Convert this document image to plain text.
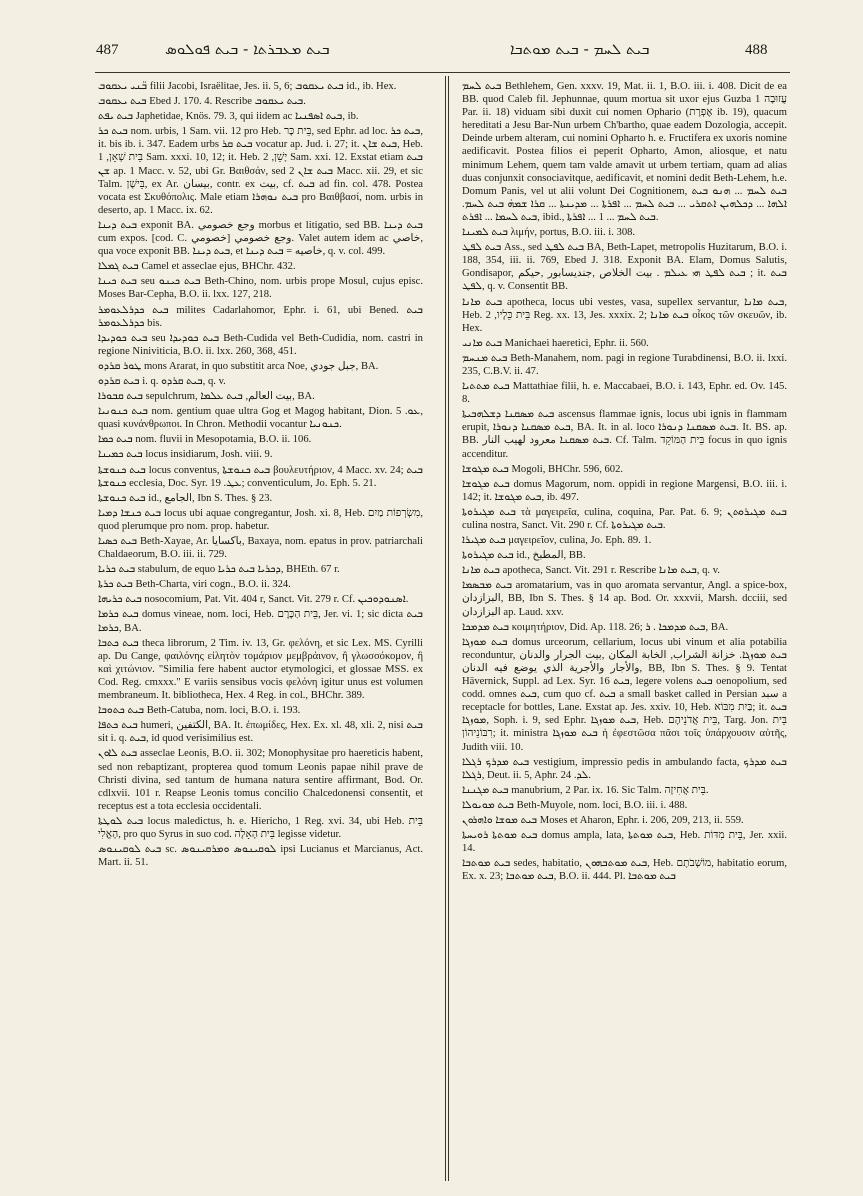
487	ܒܝܬ ܡܥܒܪܬܐ - ܒܝܬ ܦܘܠܘܣ	ܒܝܬ ܠܚܡ - ܒܝܬ ܡܘܬܒܐ	488

ܒ̈ܢܝ ܝܥܩܘܒ filii Jacobi, Israëlitae, Jes. ii. 5, 6; ܒܝܬ ܝܥܩܘܒ id., ib. Hex.

ܒܝܬ ܝܥܩܘܒ Ebed J. 170. 4. Rescribe ܒܝܬ ܝܥܩܘܒ.

ܒܝܬ ܝܦܬ Japhetidae, Knös. 79. 3, qui iidem ac ܒܝܬ ܐܣܦܢܝܐ, ib.

ܒܝܬ ܟܪ nom. urbis, 1 Sam. vii. 12 pro Heb. בֵּית כָּר, sed Ephr. ad loc. ܒܝܬ ܟܪ, it. bis ib. i. 347. Eadem urbs ܒܝܬ ܩܪ vocatur ap. Jud. i. 27; it. ܒܝܬ ܫܐܢ, Heb. בֵּית שְׁאָן, 1 Sam. xxxi. 10, 12; it. Heb. יָשֵׁן, 2 Sam. xxi. 12. Exstat etiam ܒܝܬ ܫܢ ap. 1 Macc. v. 52, ubi Gr. Βαιθσάν, sed ܒܝܬ ܫܐܢ 2 Macc. xii. 29, et sic Talm. בֵּישָׁן, ex Ar. بيسان, contr. ex بيت, cf. ܒܝܬ ad fin. col. 478. Postea vocata est Σκυθόπολις. Male etiam ܒܝܬ ܢܘܗܪܐ pro Βαιθβασί, nom. urbis in deserto, ap. 1 Macc. ix. 62.

ܒܝܬ ܕܝܢܐ exponit BA. وجع خصومي morbus et litigatio, sed BB. ܒܝܬ ܕܝܢܐ cum expos. [cod. C. خصومي] وجع خصومي. Valet autem idem ac خاصي, qua voce exponit BB. ܒܝܬ ܕܝܢܐ, et خاصيه = ܒܝܬ ܕܝܢܐ, q. v. col. 499.

ܒܝܬ ܓܡܠܐ Camel et asseclae ejus, BHChr. 432.

ܒܝܬ ܟܝܢܐ seu ܒܝܬ ܟܝܢܘ Beth-Chino, nom. urbis prope Mosul, cujus episc. Moses Bar-Cepha, B.O. ii. lxx. 127, 218.

ܒܝܬ ܟܕܪܠܥܘܡܪ milites Cadarlahomor, Ephr. i. 61, ubi Bened. ܒܝܬ ܟܕܪܠܥܘܡܪ bis.

ܒܝܬ ܟܘܕܝܕܐ seu ܒܝܬ ܟܘܕܝܕܐ Beth-Cudida vel Beth-Cudidia, nom. castri in regione Niniviticia, B.O. ii. lxx. 260, 368, 451.

ܛܘܪ ܩܪܕܘ mons Ararat, in quo substitit arca Noe, جبل جودي, BA.

ܒܝܬ ܩܪܕܘ i. q. ܒܝܬ ܩܪܕܘ, q. v.

ܒܝܬ ܩܒܘܪܐ sepulchrum, بيت العالم, ܒܝܬ ܥܠܡܐ, BA.

ܒܝܬ ܟܢܘܢܝܐ nom. gentium quae ultra Gog et Magog habitant, Dion. ܥܘ. 5, quasi κυνάνθρωποι. In Chron. Methodii vocantur ܟܢܘܢܝܐ.

ܒܝܬ ܟܡܐ nom. fluvii in Mesopotamia, B.O. ii. 106.

ܒܝܬ ܟܡܝܢܐ locus insidiarum, Josh. viii. 9.

ܒܝܬ ܟܢܘܫܬܐ locus conventus, ܒܝܬ ܟܢܘܫܬܐ βουλευτήριον, 4 Macc. xv. 24; ܒܝܬ ܟܢܘܫܬܐ ecclesia, Doc. Syr. ܥܛ. 19; conventiculum, Jo. Eph. 5. 21.

ܒܝܬ ܟܢܘܫܬܐ id., الجامع, Ibn S. Thes. § 23.

ܒܝܬ ܟܢܫܐ ܕܡܝܐ locus ubi aquae congregantur, Josh. xi. 8, Heb. מִשְׂרְפוֹת מַיִם, quod plerumque pro nom. prop. habetur.

ܒܝܬ ܟܣܝܐ Beth-Xayae, Ar. باكسايا, Baxaya, nom. epatus in prov. patriarchali Chaldaeorum, B.O. iii. ii. 729.

ܒܝܬ ܟܪܝܐ stabulum, de equo ܕܟܪܝܐ ܒܝܬ ܟܪܝܐ, BHEth. 67 r.

ܒܝܬ ܟܪܬܐ Beth-Charta, viri cogn., B.O. ii. 324.

ܒܝܬ ܟܪܝܗܐ nosocomium, Pat. Vit. 404 r, Sanct. Vit. 279 r. Cf. ܐܣܢܘܕܘܟܝܢ.

ܒܝܬ ܟܪܡܐ domus vineae, nom. loci, Heb. בֵּית הַכָּרֶם, Jer. vi. 1; sic dicta ܒܝܬ ܟܪܡܐ, BA.

ܒܝܬ ܟܬܒܐ theca librorum, 2 Tim. iv. 13, Gr. φελόνη, et sic Lex. MS. Cyrilli ap. Du Cange, φαιλόνης εἰλητὸν τομάριον μεμβράινον, ἢ γλωσσόκομον, ἢ καὶ χιτώνιον. "Similia fere habent auctor etymologici, et glossae MSS. ex Cod. Reg. cmxxx." E variis sensibus vocis φελόνη igitur unus est volumen membraneum. It. bibliotheca, Hex. 4 Reg. in col., BHChr. 389.

ܒܝܬ ܟܬܘܒܐ Beth-Catuba, nom. loci, B.O. i. 193.

ܒܝܬ ܟܬܦܐ humeri, الكتفين, BA. It. ἐπωμίδες, Hex. Ex. xl. 48, xli. 2, nisi ܒܝܬ sit i. q. ܒܝܬ, id quod verisimilius est.

ܒܝܬ ܠܐܘܢ asseclae Leonis, B.O. ii. 302; Monophysitae pro haereticis habent, sed non rebaptizant, propterea quod tomum Leonis papae nihil prave de Christi divina, sed tantum de humana natura sentire affirmant, Bod. Or. cdlxvii. 101 r. Reapse Leonis tomus concilio Chalcedonensi consentit, et receptus est a tota ecclesia occidentali.

ܒܝܬ ܠܘܛܬܐ locus maledictus, h. e. Hiericho, 1 Reg. xvi. 34, ubi Heb. בֵּית הָאֱלִי, pro quo Syrus in suo cod. בֵּית הָאָלָה legisse videtur.

ܒܝܬ ܠܘܩܝܢܘܣ sc. ܠܘܩܝܢܘܣ ܘܡܪܩܝܢܘܣ ipsi Lucianus et Marcianus, Act. Mart. ii. 51.

ܒܝܬ ܠܚܡ Bethlehem, Gen. xxxv. 19, Mat. ii. 1, B.O. iii. i. 408. Dicit de ea BB. quod Caleb fil. Jephunnae, quum mortua sit uxor ejus Guzba עֲזוּבָה 1 Par. ii. 18) viduam sibi duxit cui nomen Ophario (אֶפְרָת ib. 19), quacum hereditati a Jesu Bar-Nun urbem Ch'bartho, quae eadem Dozologia, accepit. Deinde urbem alteram, cui nomini Opharto h. e. Fructifera ex uxoris nomine aedificavit. Postea filios ei peperit Opharto, Amon, aliosque, et natu minimum Lehem, quem tam valde amavit ut urbem tertiam, quam ad alias duas conjunxit consociavitque, aedificavit, et nomini dedit Beth-Lehem, h.e. Domum Panis, vel ut alii volunt Dei Cognitionem, ܒܝܬ ܠܚܡ ... ܗܢܘ ܒܝܬ ܐܠܗܐ ... ܕܟܠܗܝܢ ܐܬܩܪܝ ... ܒܝܬ ܠܚܡ ... ܐܦܪܬܐ ... ܡܕܝܢܬܐ ... ܩܪܐ ܫܡܗ̇ ܒܝܬ ܠܚܡ. ܒܝܬ ܠܚܡܐ ... ܐܦܪܬ, ibid., ܒܝܬ ܠܚܡ ... 1 ... ܐܦܪܬܐ.

ܒܝܬ ܠܡܝܢܐ λιμήν, portus, B.O. iii. i. 308.

ܒܝܬ ܠܦܛ Ass., sed ܒܝܬ ܠܦܛ BA, Beth-Lapet, metropolis Huzitarum, B.O. i. 188, 354, iii. ii. 769, Ebed J. 318. Exponit BA. Elam, Domus Salutis, Gondisapor, ܒܝܬ ܠܦܛ ܗܝ ܥܝܠܡ . بيت الخلاص ,جنديسابور ,حيكم ; it. ܒܝܬ ܠܦܛ, q. v. Consentit BB.

ܒܝܬ ܡܐܢܐ apotheca, locus ubi vestes, vasa, supellex servantur, ܒܝܬ ܡܐܢܐ, Heb. בֵּית כֵּלָיו, 2 Reg. xx. 13, Jes. xxxix. 2; ܒܝܬ ܡܐܢܐ οἶκος τῶν σκευῶν, ib. Hex.

ܒܝܬ ܡܐܢܝ Manichaei haeretici, Ephr. ii. 560.

ܒܝܬ ܡܢܚܡ Beth-Manahem, nom. pagi in regione Turabdinensi, B.O. ii. lxxi. 235, C.B.V. ii. 47.

ܒܝܬ ܡܬܬܝܐ Mattathiae filii, h. e. Maccabaei, B.O. i. 143, Ephr. ed. Ov. 145. 8.

ܒܝܬ ܡܣܩܢܐ ܕܫܠܗܒܝܬܐ ascensus flammae ignis, locus ubi ignis in flammam erupit, ܒܝܬ ܡܣܩܢܐ ܕܢܘܪܐ, BA. It. in al. loco ܒܝܬ ܡܣܩܢܐ ܕܢܘܪܐ. It. BS. ap. BB. ܒܝܬ ܡܣܩܢܐ معرود لهيب النار. Cf. Talm. בֵּית הַמּוֹקֵד focus in quo ignis accenditur.

ܒܝܬ ܡܓܘܫܐ Mogoli, BHChr. 596, 602.

ܒܝܬ ܡܓܘܫܐ domus Magorum, nom. oppidi in regione Margensi, B.O. iii. i. 142; it. ܒܝܬ ܡܓܘܫܐ, ib. 497.

ܒܝܬ ܡܓܝܪܘܬܐ τὰ μαγειρεῖα, culina, coquina, Par. Pat. 6. 9; ܒܝܬ ܡܓܝܪܘܬܢ culina nostra, Sanct. Vit. 290 r. Cf. ܒܝܬ ܡܓܝܪܘܬܐ.

ܒܝܬ ܡܓܝܪܐ μαγειρεῖον, culina, Jo. Eph. 89. 1.

ܒܝܬ ܡܓܝܪܘܬܐ id., المطبخ, BB.

ܒܝܬ ܡܐܢܐ apotheca, Sanct. Vit. 291 r. Rescribe ܒܝܬ ܡܐܢܐ, q. v.

ܒܝܬ ܡܒܣܡܐ aromatarium, vas in quo aromata servantur, Angl. a spice-box, البزازدان, BB, Ibn S. Thes. § 14 ap. Bod. Or. xxxvii, Marsh. dcciii, sed البزازدان ap. Laud. xxv.

ܒܝܬ ܡܕܡܟܐ κοιμητήριον, Did. Ap. 118. 26; ܒܝܬ ܡܕܡܟܐ . ܪ, BA.

ܒܝܬ ܡܘܙܓܐ domus urceorum, cellarium, locus ubi vinum et alia potabilia reconduntur, ܒܝܬ ܡܘܙܓܐ. خزانة الشراب, الخابة المكان ,بيت الجرار والدنان والأجار والأجرية الذي يوضع فيه الدنان, BB, Ibn S. Thes. § 9. Tentat Hävernick, Suppl. ad Lex. Syr. 16 ܒܝܬ, legere volens ܒܝܬ oenopolium, sed codd. omnes ܒܝܬ, cum quo cf. ܒܝܬ a small basket called in Persian سبد a receptacle for bottles, Lane. Exstat ap. Jes. xxiv. 10, Heb. בַּיִת מִבּוֹא; it. ܒܝܬ ܡܘܙܓܐ, Soph. i. 9, sed Ephr. ܒܝܬ ܡܘܙܓܐ, Heb. בֵּית אֲדֹנֵיהֶם, Targ. Jon. בֵּית רִבּוֹנֵיהוֹן; it. ministra ܒܝܬ ܡܘܙܓܐ ἡ ἐφεστῶσα πᾶσι τοῖς ὑπάρχουσιν αὐτῆς, Judith viii. 10.

ܒܝܬ ܡܕܪܟ ܪܓܠܐ vestigium, impressio pedis in ambulando facta, ܒܝܬ ܡܕܪܟ ܪܓܠܐ, Deut. ii. 5, Aphr. ܠܕ. 24.

ܒܝܬ ܡܓܢܢܐ manubrium, 2 Par. ix. 16. Sic Talm. בֵּית אֲחִיזָה.

ܒܝܬ ܡܘܝܘܠܐ Beth-Muyole, nom. loci, B.O. iii. i. 488.

ܒܝܬ ܡܘܫܐ ܘܐܗܪܘܢ Moses et Aharon, Ephr. i. 206, 209, 213, ii. 559.

ܒܝܬ ܡܘܬܬܐ ܪܘܝܚܬܐ domus ampla, lata, ܒܝܬ ܡܘܬܬܐ, Heb. בֵּית מִדּוֹת, Jer. xxii. 14.

ܒܝܬ ܡܘܬܒܐ sedes, habitatio, ܒܝܬ ܡܘܬܒܗܘܢ, Heb. מוֹשְׁבֹתָם, habitatio eorum, Ex. x. 23; ܒܝܬ ܡܘܬܒܐ, B.O. ii. 444. Pl. ܒܝܬ ܡܘܬܒܐ
